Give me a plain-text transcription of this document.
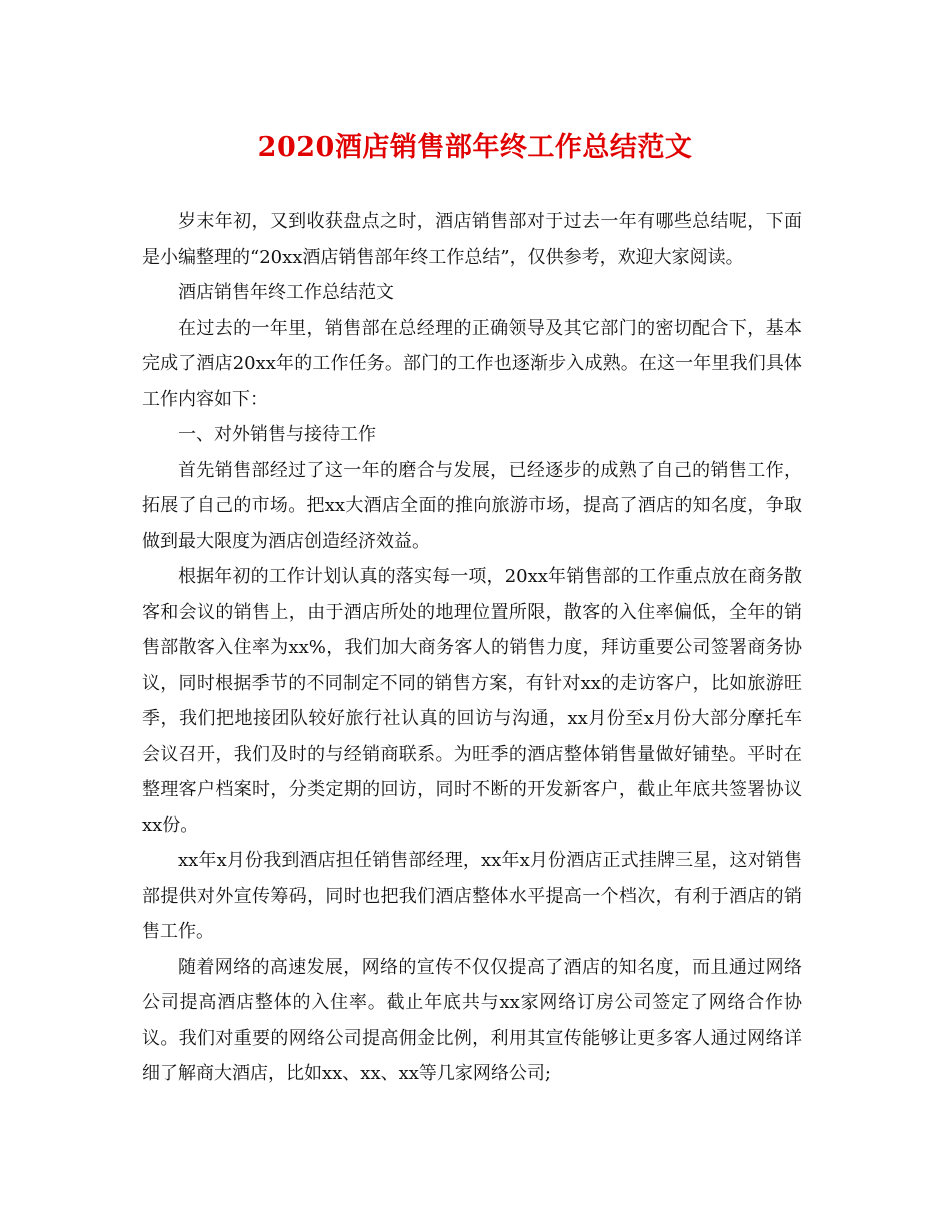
2020酒店销售部年终工作总结范文

岁末年初，又到收获盘点之时，酒店销售部对于过去一年有哪些总结呢，下面是小编整理的“20xx酒店销售部年终工作总结”，仅供参考，欢迎大家阅读。

酒店销售年终工作总结范文

在过去的一年里，销售部在总经理的正确领导及其它部门的密切配合下，基本完成了酒店20xx年的工作任务。部门的工作也逐渐步入成熟。在这一年里我们具体工作内容如下：

一、对外销售与接待工作

首先销售部经过了这一年的磨合与发展，已经逐步的成熟了自己的销售工作，拓展了自己的市场。把xx大酒店全面的推向旅游市场，提高了酒店的知名度，争取做到最大限度为酒店创造经济效益。

根据年初的工作计划认真的落实每一项，20xx年销售部的工作重点放在商务散客和会议的销售上，由于酒店所处的地理位置所限，散客的入住率偏低，全年的销售部散客入住率为xx%，我们加大商务客人的销售力度，拜访重要公司签署商务协议，同时根据季节的不同制定不同的销售方案，有针对xx的走访客户，比如旅游旺季，我们把地接团队较好旅行社认真的回访与沟通，xx月份至x月份大部分摩托车会议召开，我们及时的与经销商联系。为旺季的酒店整体销售量做好铺垫。平时在整理客户档案时，分类定期的回访，同时不断的开发新客户，截止年底共签署协议xx份。

xx年x月份我到酒店担任销售部经理，xx年x月份酒店正式挂牌三星，这对销售部提供对外宣传筹码，同时也把我们酒店整体水平提高一个档次，有利于酒店的销售工作。

随着网络的高速发展，网络的宣传不仅仅提高了酒店的知名度，而且通过网络公司提高酒店整体的入住率。截止年底共与xx家网络订房公司签定了网络合作协议。我们对重要的网络公司提高佣金比例，利用其宣传能够让更多客人通过网络详细了解商大酒店，比如xx、xx、xx等几家网络公司;
